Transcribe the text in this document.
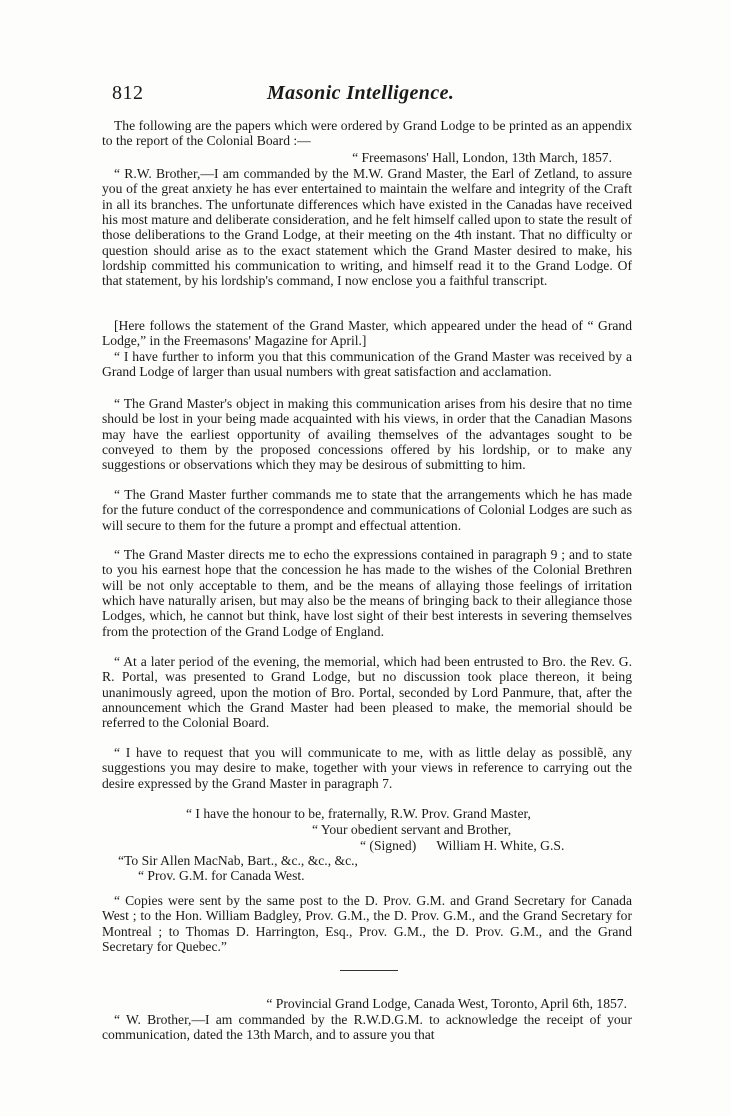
812	Masonic Intelligence.

The following are the papers which were ordered by Grand Lodge to be printed as an appendix to the report of the Colonial Board :—

“ Freemasons' Hall, London, 13th March, 1857.

“ R.W. Brother,—I am commanded by the M.W. Grand Master, the Earl of Zetland, to assure you of the great anxiety he has ever entertained to maintain the welfare and integrity of the Craft in all its branches. The unfortunate differences which have existed in the Canadas have received his most mature and deliberate consideration, and he felt himself called upon to state the result of those deliberations to the Grand Lodge, at their meeting on the 4th instant. That no difficulty or question should arise as to the exact statement which the Grand Master desired to make, his lordship committed his communication to writing, and himself read it to the Grand Lodge. Of that statement, by his lordship's command, I now enclose you a faithful transcript.

[Here follows the statement of the Grand Master, which appeared under the head of “ Grand Lodge,” in the Freemasons' Magazine for April.]

“ I have further to inform you that this communication of the Grand Master was received by a Grand Lodge of larger than usual numbers with great satisfaction and acclamation.

“ The Grand Master's object in making this communication arises from his desire that no time should be lost in your being made acquainted with his views, in order that the Canadian Masons may have the earliest opportunity of availing themselves of the advantages sought to be conveyed to them by the proposed concessions offered by his lordship, or to make any suggestions or observations which they may be desirous of submitting to him.

“ The Grand Master further commands me to state that the arrangements which he has made for the future conduct of the correspondence and communications of Colonial Lodges are such as will secure to them for the future a prompt and effectual attention.

“ The Grand Master directs me to echo the expressions contained in paragraph 9 ; and to state to you his earnest hope that the concession he has made to the wishes of the Colonial Brethren will be not only acceptable to them, and be the means of allaying those feelings of irritation which have naturally arisen, but may also be the means of bringing back to their allegiance those Lodges, which, he cannot but think, have lost sight of their best interests in severing themselves from the protection of the Grand Lodge of England.

“ At a later period of the evening, the memorial, which had been entrusted to Bro. the Rev. G. R. Portal, was presented to Grand Lodge, but no discussion took place thereon, it being unanimously agreed, upon the motion of Bro. Portal, seconded by Lord Panmure, that, after the announcement which the Grand Master had been pleased to make, the memorial should be referred to the Colonial Board.

“ I have to request that you will communicate to me, with as little delay as possiblẽ, any suggestions you may desire to make, together with your views in reference to carrying out the desire expressed by the Grand Master in paragraph 7.

“ I have the honour to be, fraternally, R.W. Prov. Grand Master,

“ Your obedient servant and Brother,

“ (Signed)      William H. White, G.S.

“To Sir Allen MacNab, Bart., &c., &c., &c.,

“ Prov. G.M. for Canada West.

“ Copies were sent by the same post to the D. Prov. G.M. and Grand Secretary for Canada West ; to the Hon. William Badgley, Prov. G.M., the D. Prov. G.M., and the Grand Secretary for Montreal ; to Thomas D. Harrington, Esq., Prov. G.M., the D. Prov. G.M., and the Grand Secretary for Quebec.”

“ Provincial Grand Lodge, Canada West, Toronto, April 6th, 1857.

“ W. Brother,—I am commanded by the R.W.D.G.M. to acknowledge the receipt of your communication, dated the 13th March, and to assure you that
